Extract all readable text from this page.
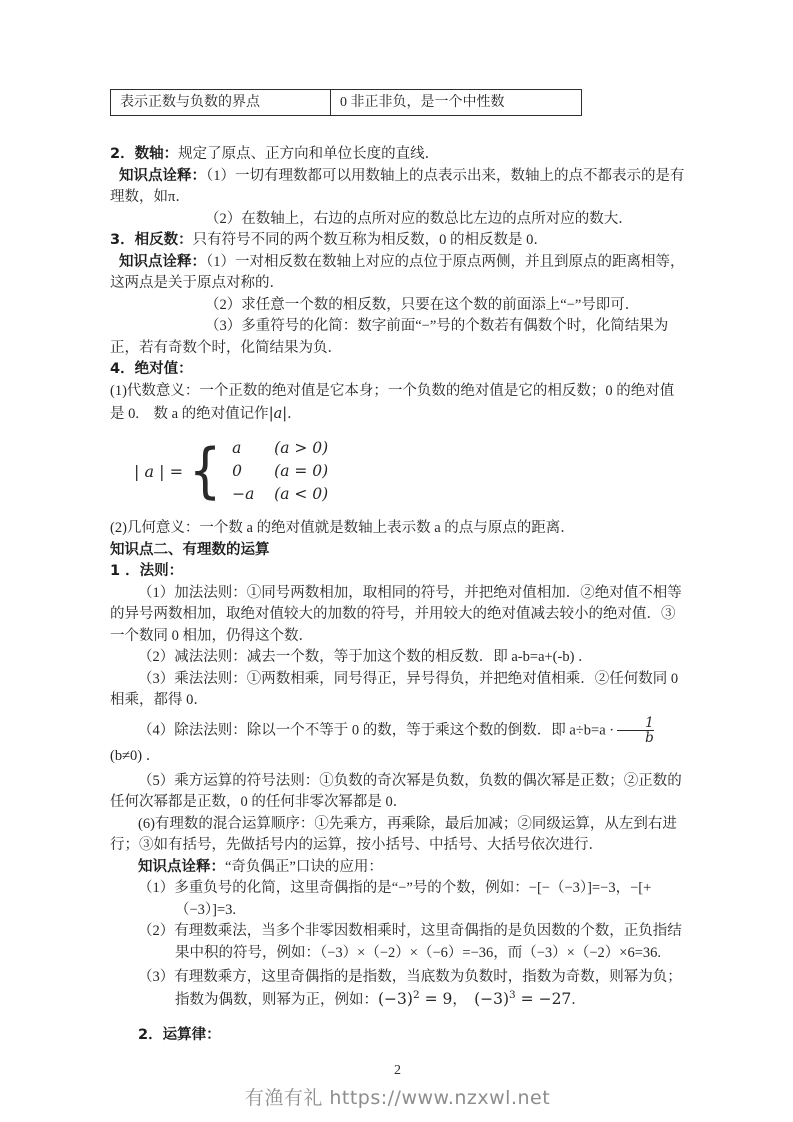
表示正数与负数的界点	0 非正非负，是一个中性数

2．数轴：规定了原点、正方向和单位长度的直线．

知识点诠释：（1）一切有理数都可以用数轴上的点表示出来，数轴上的点不都表示的是有理数，如π．

（2）在数轴上，右边的点所对应的数总比左边的点所对应的数大．

3．相反数：只有符号不同的两个数互称为相反数，0 的相反数是 0．

知识点诠释：（1）一对相反数在数轴上对应的点位于原点两侧，并且到原点的距离相等，这两点是关于原点对称的．

（2）求任意一个数的相反数，只要在这个数的前面添上“−”号即可．

（3）多重符号的化简：数字前面“−”号的个数若有偶数个时，化简结果为正，若有奇数个时，化简结果为负．

4．绝对值：

(1)代数意义：一个正数的绝对值是它本身；一个负数的绝对值是它的相反数；0 的绝对值

是 0.　数 a 的绝对值记作|a|．

| a | = { a	(a > 0)
0	(a = 0)
−a	(a < 0)

(2)几何意义：一个数 a 的绝对值就是数轴上表示数 a 的点与原点的距离．

知识点二、有理数的运算

1 ．法则：

（1）加法法则：①同号两数相加，取相同的符号，并把绝对值相加．②绝对值不相等的异号两数相加，取绝对值较大的加数的符号，并用较大的绝对值减去较小的绝对值．③一个数同 0 相加，仍得这个数．

（2）减法法则：减去一个数，等于加这个数的相反数．即 a-b=a+(-b) ．

（3）乘法法则：①两数相乘，同号得正，异号得负，并把绝对值相乘．②任何数同 0 相乘，都得 0．

（4）除法法则：除以一个不等于 0 的数，等于乘这个数的倒数．即 $a\div b=a \cdot \frac{1}{b}$
(b≠0) ．

（5）乘方运算的符号法则：①负数的奇次幂是负数，负数的偶次幂是正数；②正数的任何次幂都是正数，0 的任何非零次幂都是 0．

(6)有理数的混合运算顺序：①先乘方，再乘除，最后加减；②同级运算，从左到右进行；③如有括号，先做括号内的运算，按小括号、中括号、大括号依次进行．

知识点诠释：“奇负偶正”口诀的应用：

（1）多重负号的化简，这里奇偶指的是“−”号的个数，例如：−[−（−3）]=−3，−[+（−3）]=3.

（2）有理数乘法，当多个非零因数相乘时，这里奇偶指的是负因数的个数，正负指结果中积的符号，例如：（−3）×（−2）×（−6）=−36，而（−3）×（−2）×6=36.

（3）有理数乘方，这里奇偶指的是指数，当底数为负数时，指数为奇数，则幂为负；指数为偶数，则幂为正，例如：$(-3)^2 = 9$，　$(-3)^3 = -27$．

2．运算律：

2
有渔有礼 https://www.nzxwl.net
